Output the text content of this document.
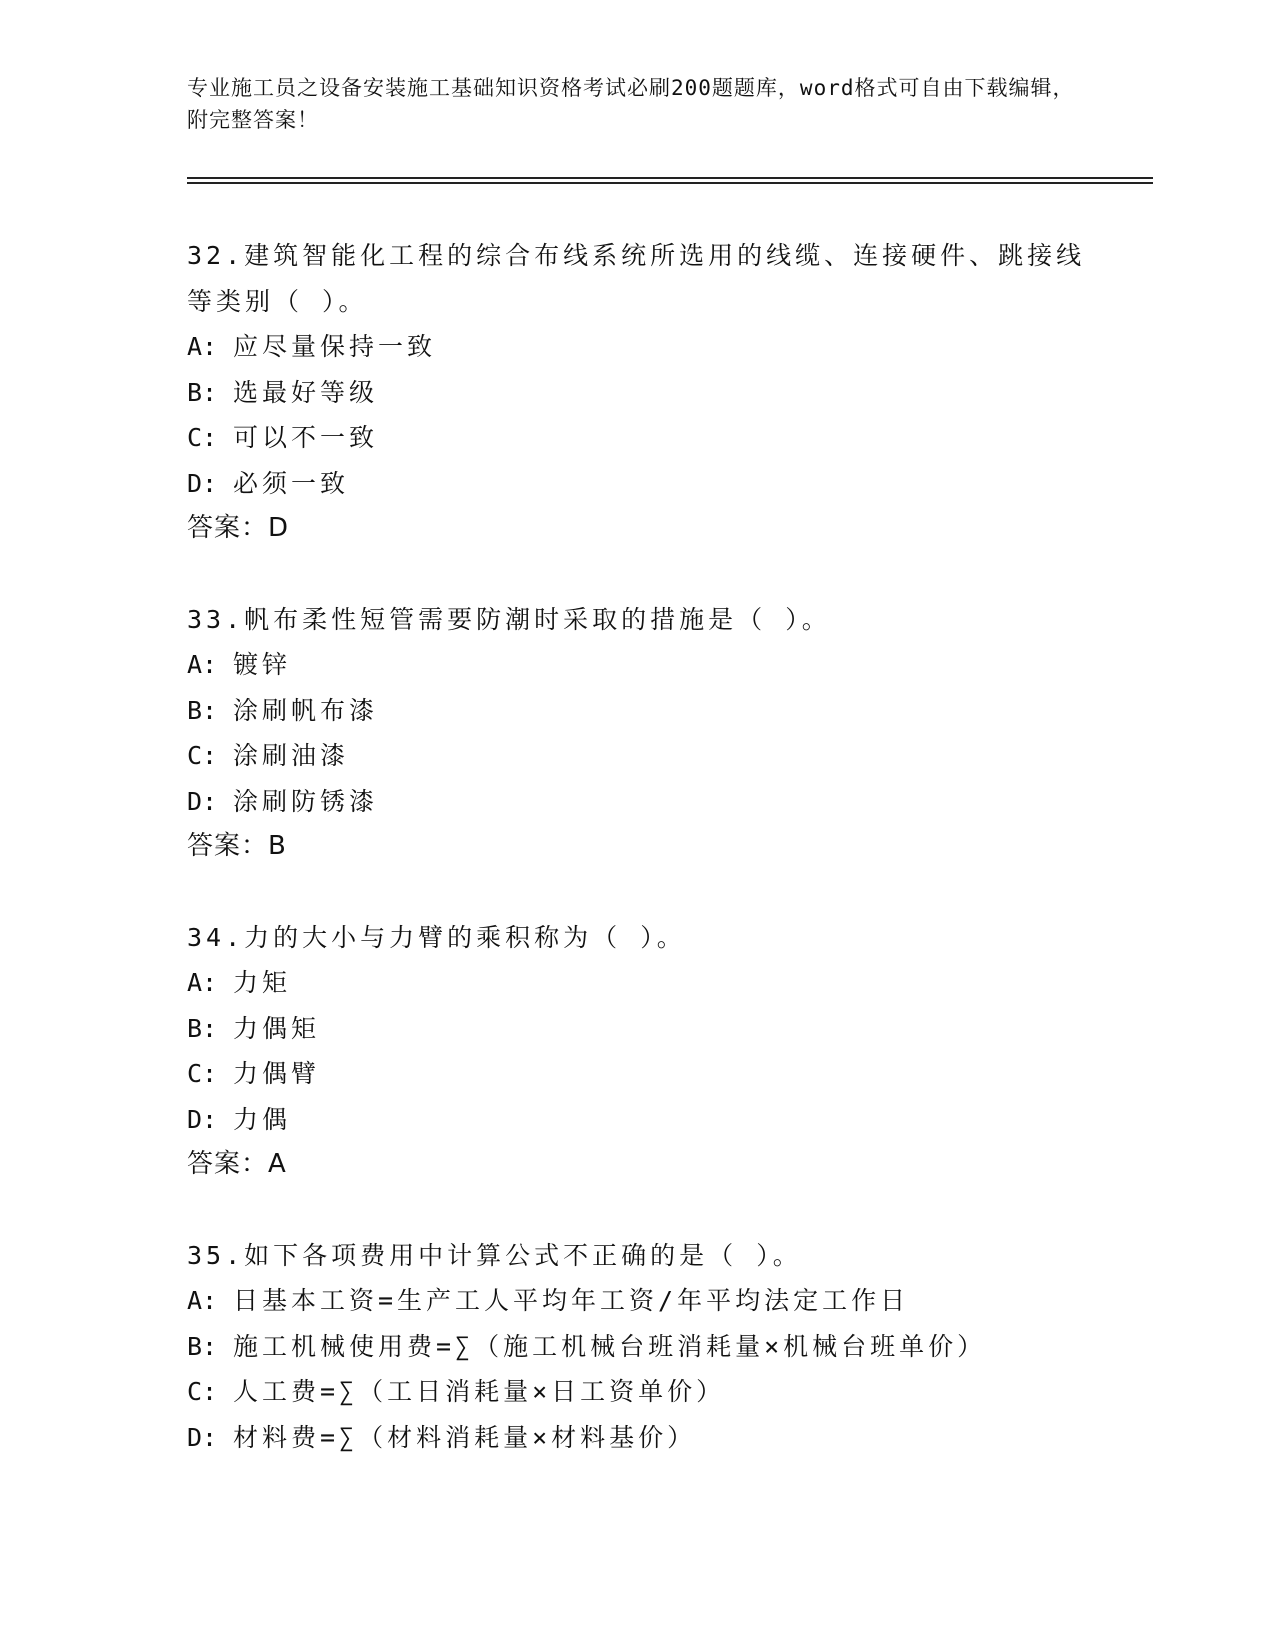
专业施工员之设备安装施工基础知识资格考试必刷200题题库，word格式可自由下载编辑，附完整答案！
32.建筑智能化工程的综合布线系统所选用的线缆、连接硬件、跳接线等类别（ ）。
A: 应尽量保持一致
B: 选最好等级
C: 可以不一致
D: 必须一致
答案：D
33.帆布柔性短管需要防潮时采取的措施是（ ）。
A: 镀锌
B: 涂刷帆布漆
C: 涂刷油漆
D: 涂刷防锈漆
答案：B
34.力的大小与力臂的乘积称为（ ）。
A: 力矩
B: 力偶矩
C: 力偶臂
D: 力偶
答案：A
35.如下各项费用中计算公式不正确的是（ ）。
A: 日基本工资=生产工人平均年工资/年平均法定工作日
B: 施工机械使用费=∑（施工机械台班消耗量×机械台班单价）
C: 人工费=∑（工日消耗量×日工资单价）
D: 材料费=∑（材料消耗量×材料基价）
